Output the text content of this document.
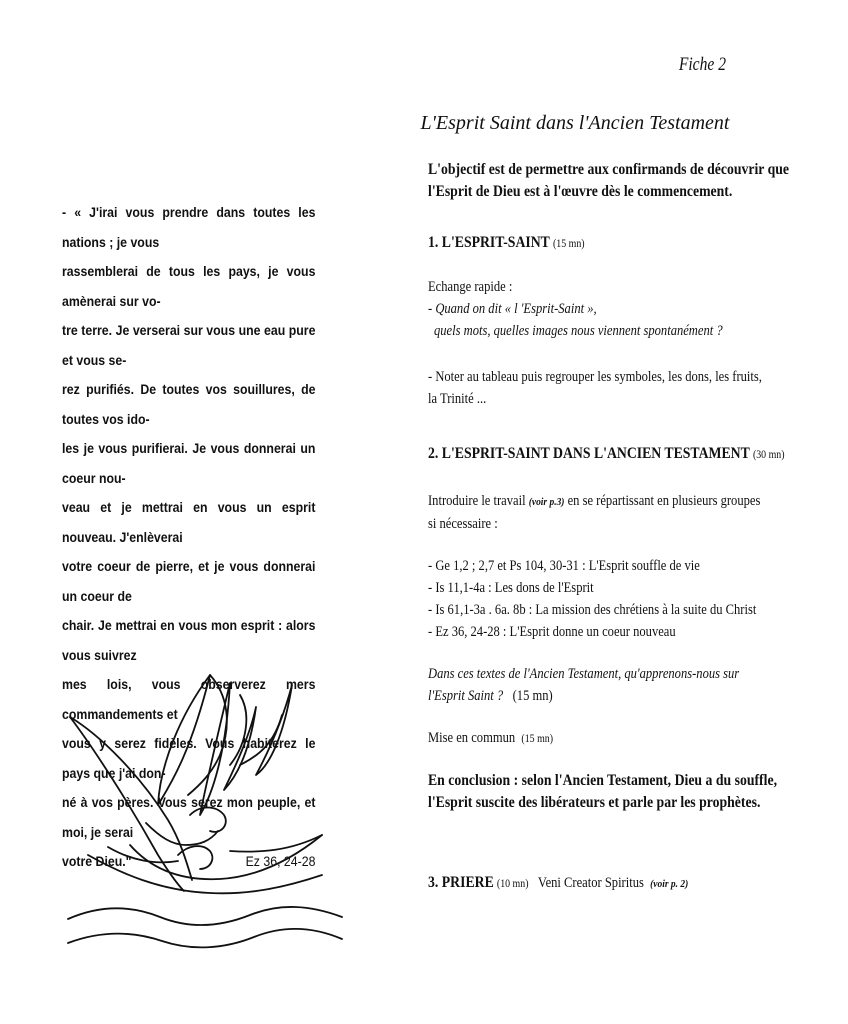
Fiche 2
L'Esprit Saint dans l'Ancien Testament
- « J'irai vous prendre dans toutes les nations ; je vous
rassemblerai de tous les pays, je vous amènerai sur vo-
tre terre. Je verserai sur vous une eau pure et vous se-
rez purifiés. De toutes vos souillures, de toutes vos ido-
les je vous purifierai. Je vous donnerai un coeur nou-
veau et je mettrai en vous un esprit nouveau. J'enlèverai
votre coeur de pierre, et je vous donnerai un coeur de
chair. Je mettrai en vous mon esprit : alors vous suivrez
mes lois, vous observerez mers commandements et
vous y serez fidèles. Vous habiterez le pays que j'ai don-
né à vos pères. Vous serez mon peuple, et moi, je serai
votre Dieu."	Ez 36, 24-28
L'objectif est de permettre aux confirmands de découvrir que
l'Esprit de Dieu est à l'œuvre dès le commencement.
1. L'ESPRIT-SAINT (15 mn)
Echange rapide :
- Quand on dit « l 'Esprit-Saint »,
quels mots, quelles images nous viennent spontanément ?
- Noter au tableau puis regrouper les symboles, les dons, les fruits,
la Trinité ...
2. L'ESPRIT-SAINT DANS L'ANCIEN TESTAMENT (30 mn)
Introduire le travail (voir p.3) en se répartissant en plusieurs groupes
si nécessaire :
- Ge 1,2 ; 2,7 et Ps 104, 30-31 : L'Esprit souffle de vie
- Is 11,1-4a : Les dons de l'Esprit
- Is 61,1-3a . 6a. 8b : La mission des chrétiens à la suite du Christ
- Ez 36, 24-28 : L'Esprit donne un coeur nouveau
Dans ces textes de l'Ancien Testament, qu'apprenons-nous sur
l'Esprit Saint ? (15 mn)
Mise en commun (15 mn)
En conclusion : selon l'Ancien Testament, Dieu a du souffle,
l'Esprit suscite des libérateurs et parle par les prophètes.
3. PRIERE (10 mn) Veni Creator Spiritus (voir p. 2)
